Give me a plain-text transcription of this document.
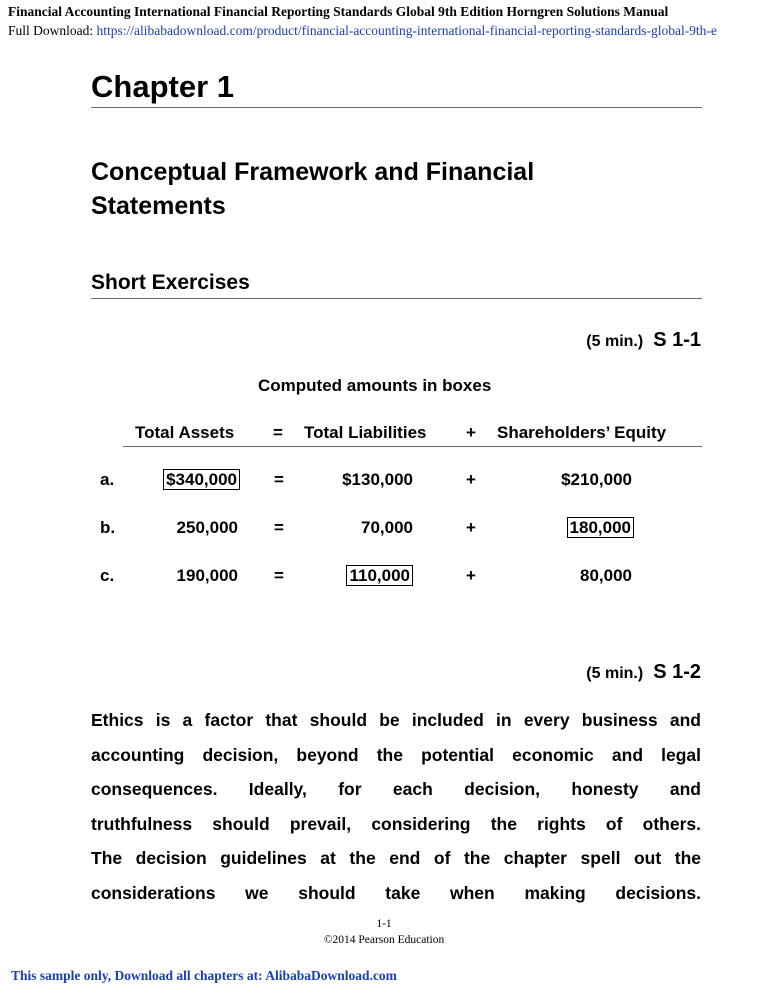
Financial Accounting International Financial Reporting Standards Global 9th Edition Horngren Solutions Manual
Full Download: https://alibabadownload.com/product/financial-accounting-international-financial-reporting-standards-global-9th-e
Chapter 1
Conceptual Framework and Financial
Statements
Short Exercises
(5 min.) S 1-1
Computed amounts in boxes
Total Assets = Total Liabilities + Shareholders’ Equity
a.	$340,000 =	$130,000	+	$210,000
b.	250,000 =	70,000	+	180,000
c.	190,000 =	110,000	+	80,000
(5 min.) S 1-2
Ethics is a factor that should be included in every business and
accounting decision, beyond the potential economic and legal
consequences. Ideally, for each decision, honesty and
truthfulness should prevail, considering the rights of others.
The decision guidelines at the end of the chapter spell out the
considerations we should take when making decisions.
1-1
©2014 Pearson Education
This sample only, Download all chapters at: AlibabaDownload.com
